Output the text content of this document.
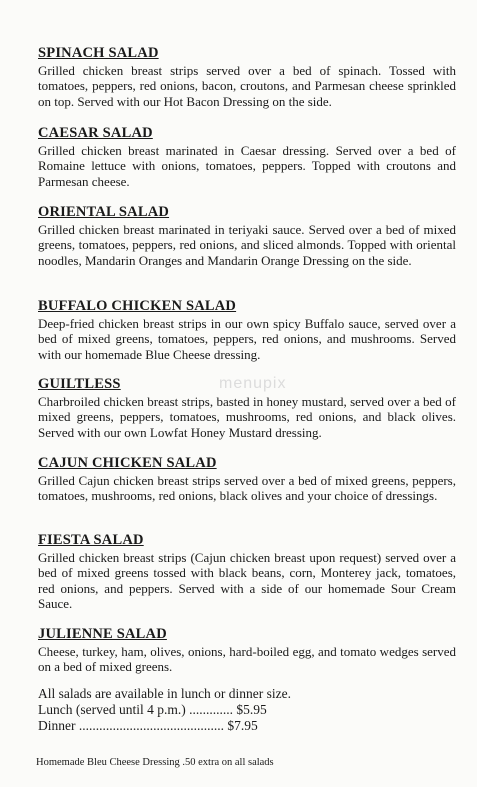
menupix
SPINACH SALAD
Grilled chicken breast strips served over a bed of spinach. Tossed with tomatoes, peppers, red onions, bacon, croutons, and Parmesan cheese sprinkled on top. Served with our Hot Bacon Dressing on the side.
CAESAR SALAD
Grilled chicken breast marinated in Caesar dressing. Served over a bed of Romaine lettuce with onions, tomatoes, peppers. Topped with croutons and Parmesan cheese.
ORIENTAL SALAD
Grilled chicken breast marinated in teriyaki sauce. Served over a bed of mixed greens, tomatoes, peppers, red onions, and sliced almonds. Topped with oriental noodles, Mandarin Oranges and Mandarin Orange Dressing on the side.
BUFFALO CHICKEN SALAD
Deep-fried chicken breast strips in our own spicy Buffalo sauce, served over a bed of mixed greens, tomatoes, peppers, red onions, and mushrooms. Served with our homemade Blue Cheese dressing.
GUILTLESS
Charbroiled chicken breast strips, basted in honey mustard, served over a bed of mixed greens, peppers, tomatoes, mushrooms, red onions, and black olives. Served with our own Lowfat Honey Mustard dressing.
CAJUN CHICKEN SALAD
Grilled Cajun chicken breast strips served over a bed of mixed greens, peppers, tomatoes, mushrooms, red onions, black olives and your choice of dressings.
FIESTA SALAD
Grilled chicken breast strips (Cajun chicken breast upon request) served over a bed of mixed greens tossed with black beans, corn, Monterey jack, tomatoes, red onions, and peppers. Served with a side of our homemade Sour Cream Sauce.
JULIENNE SALAD
Cheese, turkey, ham, olives, onions, hard-boiled egg, and tomato wedges served on a bed of mixed greens.
All salads are available in lunch or dinner size.
Lunch (served until 4 p.m.) ............. $5.95
Dinner ........................................... $7.95
Homemade Bleu Cheese Dressing .50 extra on all salads
